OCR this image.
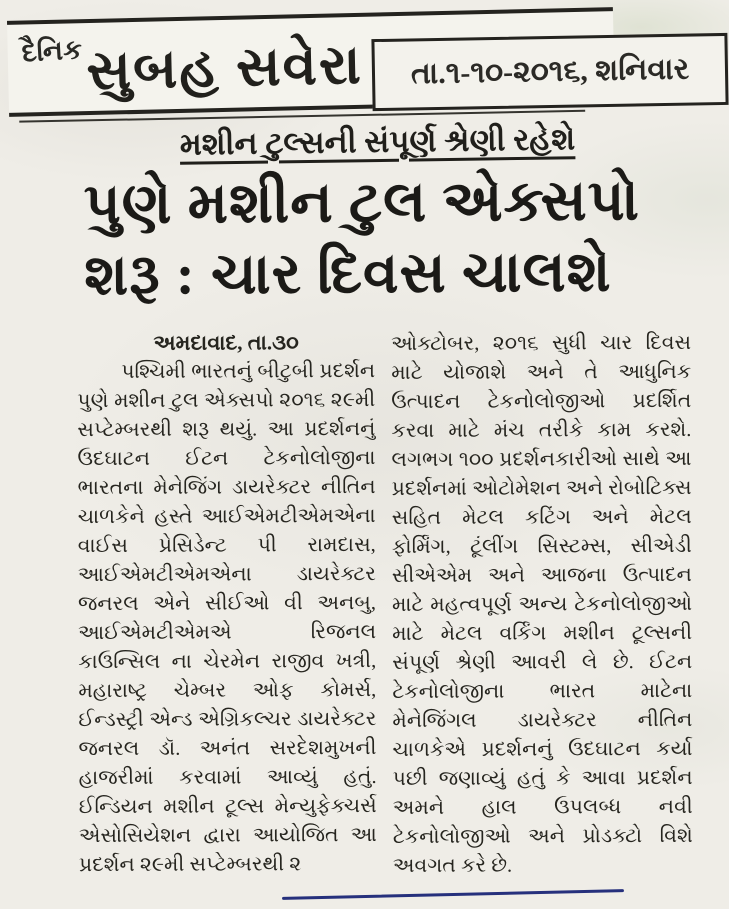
દૈનિક સુબહ સવેરા તા.૧-૧૦-૨૦૧૬, શનિવાર
મશીન ટુલ્સની સંપૂર્ણ શ્રેણી રહેશે
પુણે મશીન ટુલ એક્સપો
શરૂ : ચાર દિવસ ચાલશે
અમદાવાદ, તા.૩૦

પશ્ચિમી ભારતનું બીટુબી પ્રદર્શન પુણે મશીન ટુલ એક્સપો ૨૦૧૬ ૨૯મી સપ્ટેમ્બરથી શરૂ થયું. આ પ્રદર્શનનું ઉદઘાટન ઈટન ટેકનોલોજીના ભારતના મેનેજિંગ ડાયરેક્ટર નીતિન ચાળકેને હસ્તે આઈએમટીએમએના વાઈસ પ્રેસિડેન્ટ પી રામદાસ, આઈએમટીએમએના ડાયરેક્ટર જનરલ એને સીઈઓ વી અનબુ, આઈએમટીએમએ રિજનલ કાઉન્સિલ ના ચેરમેન રાજીવ ખત્રી, મહારાષ્ટ્ર ચેમ્બર ઓફ કોમર્સ, ઈન્ડસ્ટ્રી એન્ડ એગ્રિકલ્ચર ડાયરેક્ટર જનરલ ડૉ. અનંત સરદેશમુખની હાજરીમાં કરવામાં આવ્યું હતું. ઈન્ડિયન મશીન ટૂલ્સ મેન્યુફેક્ચર્સ એસોસિયેશન દ્વારા આયોજિત આ પ્રદર્શન ૨૯મી સપ્ટેમ્બરથી ૨

ઓક્ટોબર, ૨૦૧૬ સુધી ચાર દિવસ માટે યોજાશે અને તે આધુનિક ઉત્પાદન ટેકનોલોજીઓ પ્રદર્શિત કરવા માટે મંચ તરીકે કામ કરશે. લગભગ ૧૦૦ પ્રદર્શનકારીઓ સાથે આ પ્રદર્શનમાં ઓટોમેશન અને રોબોટિક્સ સહિત મેટલ કટિંગ અને મેટલ ફોર્મિંગ, ટૂંલીંગ સિસ્ટમ્સ, સીએડી સીએએમ અને આજના ઉત્પાદન માટે મહત્વપૂર્ણ અન્ય ટેકનોલોજીઓ માટે મેટલ વર્કિંગ મશીન ટૂલ્સની સંપૂર્ણ શ્રેણી આવરી લે છે. ઈટન ટેકનોલોજીના ભારત માટેના મેનેજિંગલ ડાયરેક્ટર નીતિન ચાળકેએ પ્રદર્શનનું ઉદઘાટન કર્યા પછી જણાવ્યું હતું કે આવા પ્રદર્શન અમને હાલ ઉપલબ્ધ નવી ટેકનોલોજીઓ અને પ્રોડક્ટો વિશે અવગત કરે છે.
